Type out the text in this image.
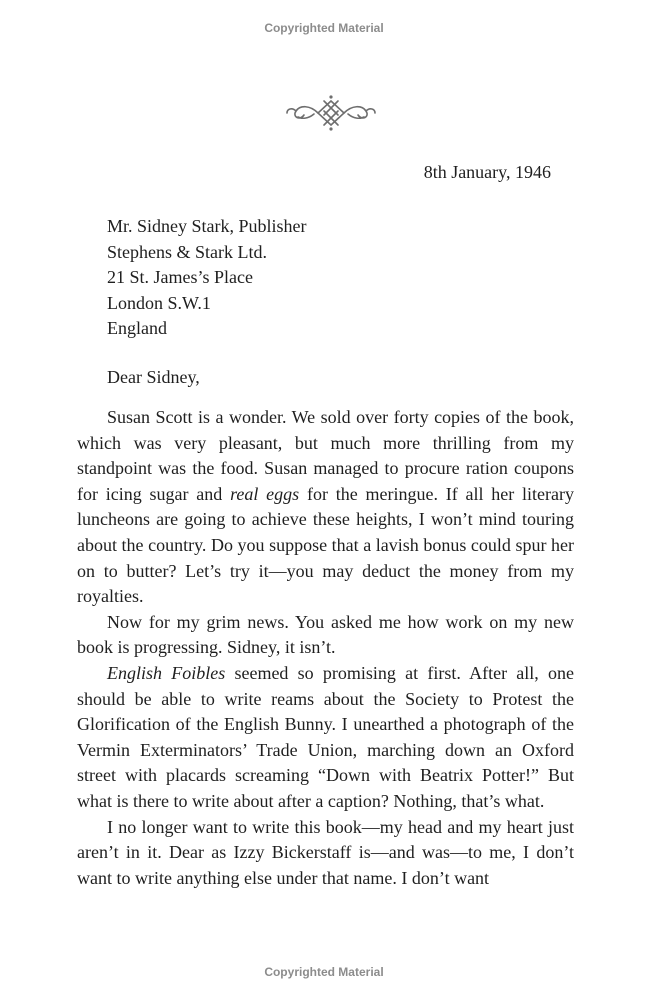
Copyrighted Material
8th January, 1946
Mr. Sidney Stark, Publisher
Stephens & Stark Ltd.
21 St. James’s Place
London S.W.1
England
Dear Sidney,

Susan Scott is a wonder. We sold over forty copies of the book, which was very pleasant, but much more thrilling from my standpoint was the food. Susan managed to procure ration coupons for icing sugar and real eggs for the meringue. If all her literary luncheons are going to achieve these heights, I won’t mind touring about the country. Do you suppose that a lavish bonus could spur her on to butter? Let’s try it—you may deduct the money from my royalties.

Now for my grim news. You asked me how work on my new book is progressing. Sidney, it isn’t.

English Foibles seemed so promising at first. After all, one should be able to write reams about the Society to Protest the Glorification of the English Bunny. I unearthed a photograph of the Vermin Exterminators’ Trade Union, marching down an Oxford street with placards screaming “Down with Beatrix Potter!” But what is there to write about after a caption? Nothing, that’s what.

I no longer want to write this book—my head and my heart just aren’t in it. Dear as Izzy Bickerstaff is—and was—to me, I don’t want to write anything else under that name. I don’t want

Copyrighted Material
